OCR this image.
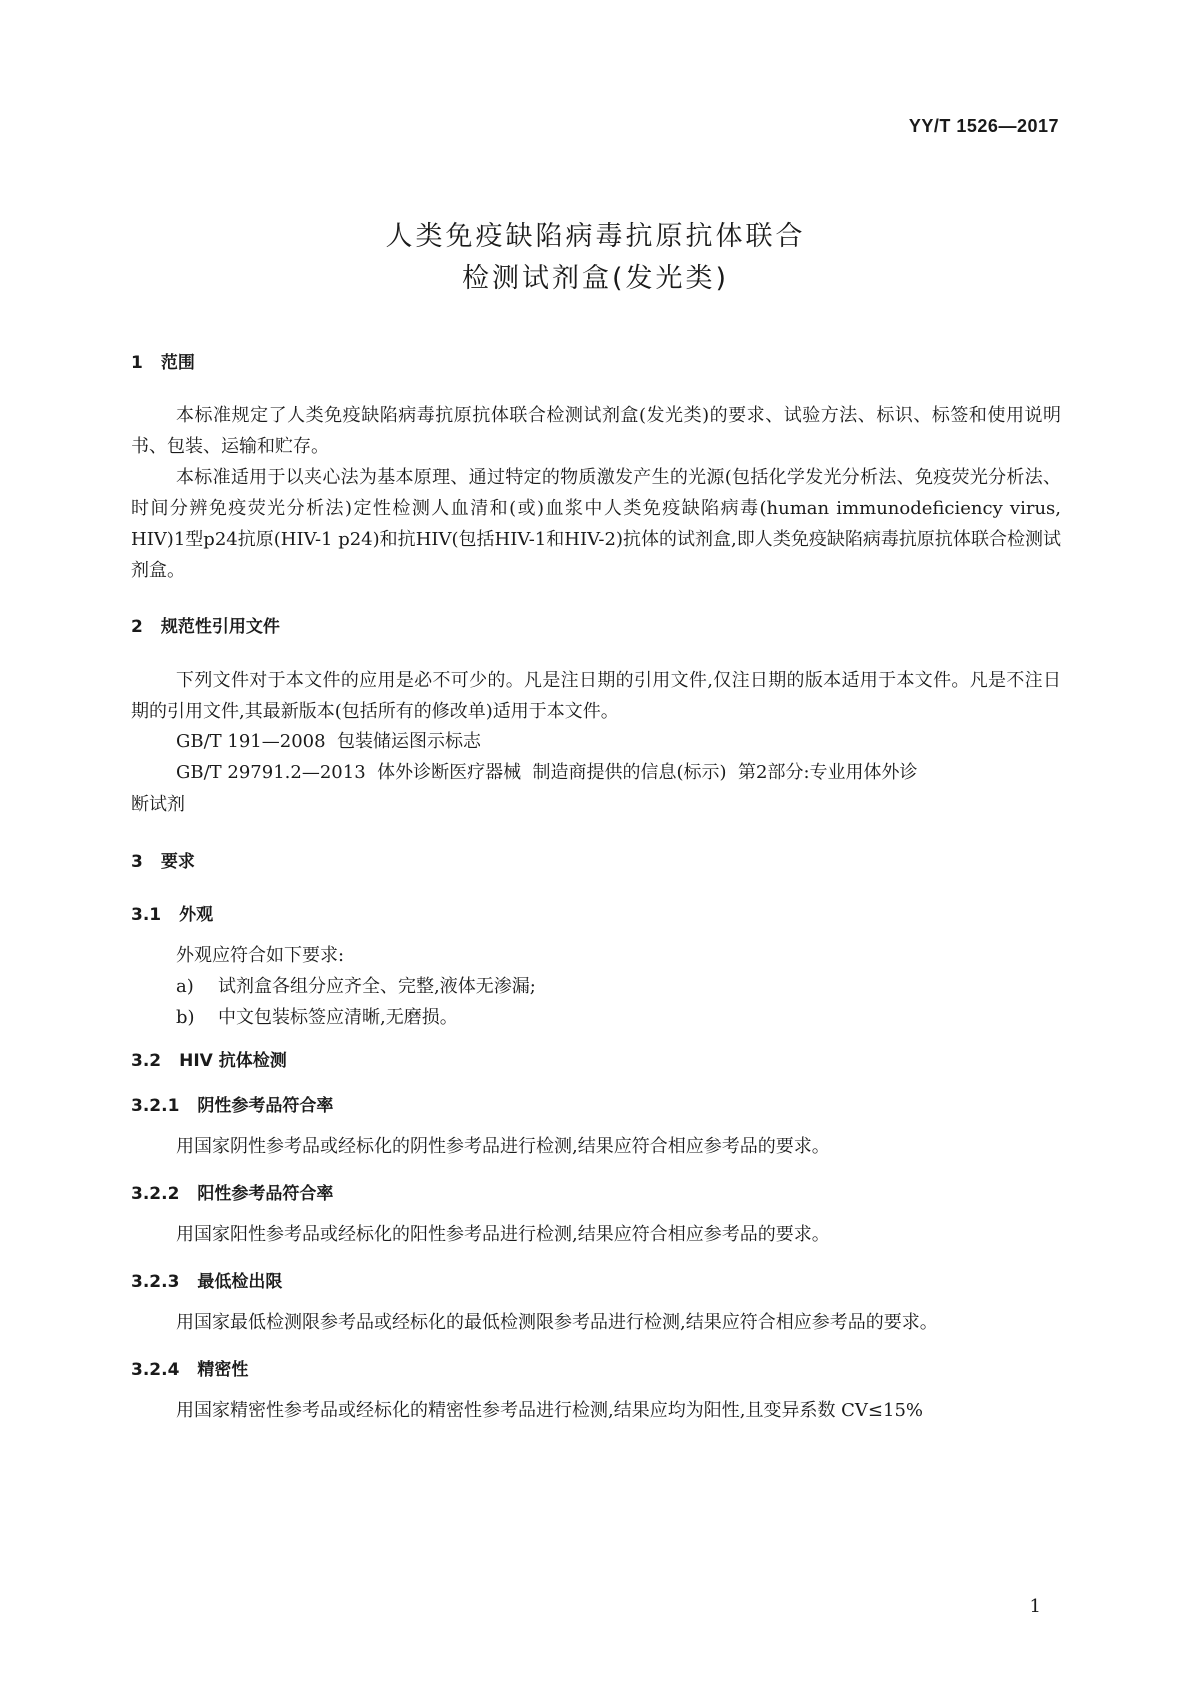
YY/T 1526—2017
人类免疫缺陷病毒抗原抗体联合
检测试剂盒(发光类)
1 范围
本标准规定了人类免疫缺陷病毒抗原抗体联合检测试剂盒(发光类)的要求、试验方法、标识、标签和使用说明书、包装、运输和贮存。
本标准适用于以夹心法为基本原理、通过特定的物质激发产生的光源(包括化学发光分析法、免疫荧光分析法、时间分辨免疫荧光分析法)定性检测人血清和(或)血浆中人类免疫缺陷病毒(human immunodeficiency virus, HIV)1型p24抗原(HIV-1 p24)和抗HIV(包括HIV-1和HIV-2)抗体的试剂盒,即人类免疫缺陷病毒抗原抗体联合检测试剂盒。
2 规范性引用文件
下列文件对于本文件的应用是必不可少的。凡是注日期的引用文件,仅注日期的版本适用于本文件。凡是不注日期的引用文件,其最新版本(包括所有的修改单)适用于本文件。
GB/T 191—2008  包装储运图示标志
GB/T 29791.2—2013  体外诊断医疗器械  制造商提供的信息(标示)  第2部分:专业用体外诊
断试剂
3 要求
3.1 外观
外观应符合如下要求:
a) 试剂盒各组分应齐全、完整,液体无渗漏;
b) 中文包装标签应清晰,无磨损。
3.2 HIV 抗体检测
3.2.1 阴性参考品符合率
用国家阴性参考品或经标化的阴性参考品进行检测,结果应符合相应参考品的要求。
3.2.2 阳性参考品符合率
用国家阳性参考品或经标化的阳性参考品进行检测,结果应符合相应参考品的要求。
3.2.3 最低检出限
用国家最低检测限参考品或经标化的最低检测限参考品进行检测,结果应符合相应参考品的要求。
3.2.4 精密性
用国家精密性参考品或经标化的精密性参考品进行检测,结果应均为阳性,且变异系数 CV≤15%
1
